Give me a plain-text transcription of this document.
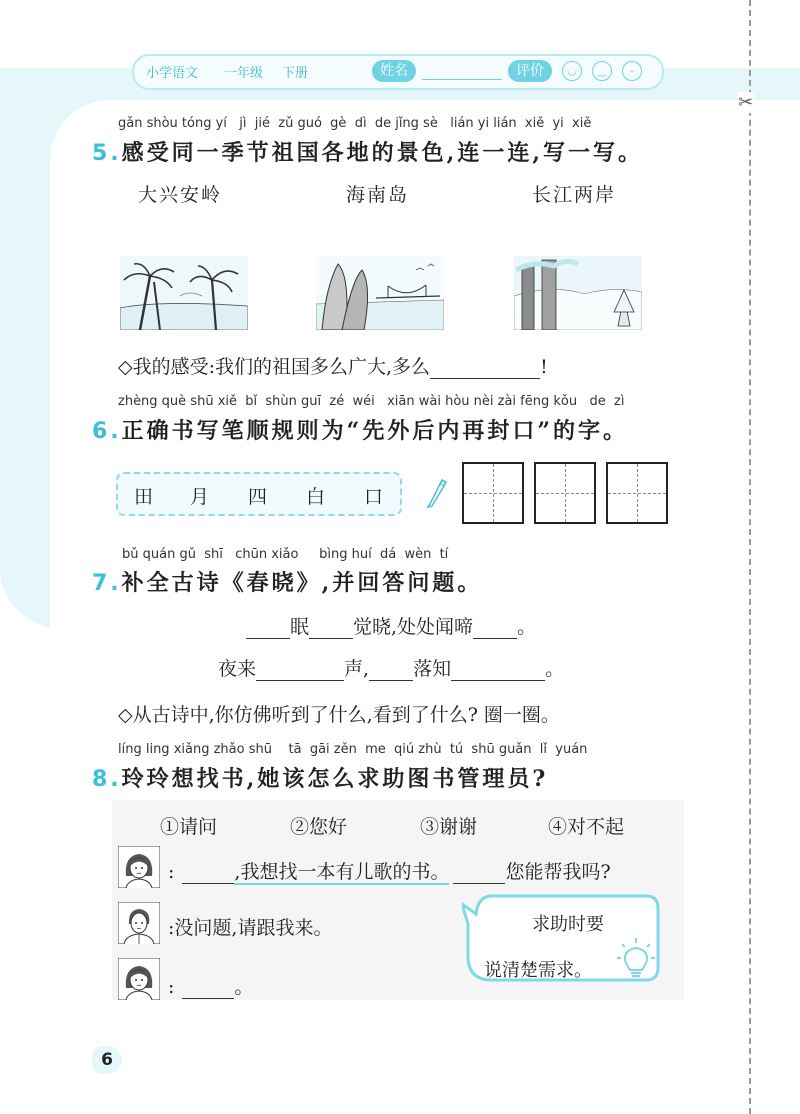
✂
小学语文 一年级 下册	姓名	评价	◡	‿	–
gǎn shòu tóng yí   jì  jié  zǔ guó  gè  dì  de jǐng sè   lián yi lián  xiě  yi  xiě
5.感受同一季节祖国各地的景色,连一连,写一写。
大兴安岭	海南岛	长江两岸
◇我的感受:我们的祖国多么广大,多么	!
zhèng què shū xiě  bǐ  shùn guī  zé  wéi   xiān wài hòu nèi zài fēng kǒu   de  zì
6.正确书写笔顺规则为“先外后内再封口”的字。
田 月 四 白 口
bǔ quán gǔ  shī   chūn xiǎo     bìng huí  dá  wèn  tí
7.补全古诗《春晓》,并回答问题。
眠 觉晓,处处闻啼 。
夜来	声, 落知	。
◇从古诗中,你仿佛听到了什么,看到了什么? 圈一圈。
líng ling xiǎng zhǎo shū    tā  gāi zěn  me  qiú zhù  tú  shū guǎn  lǐ  yuán
8.玲玲想找书,她该怎么求助图书管理员?
①请问	②您好	③谢谢	④对不起
:	,我想找一本有儿歌的书。	您能帮我吗?
:没问题,请跟我来。
:	。
求助时要
说清楚需求。
6
